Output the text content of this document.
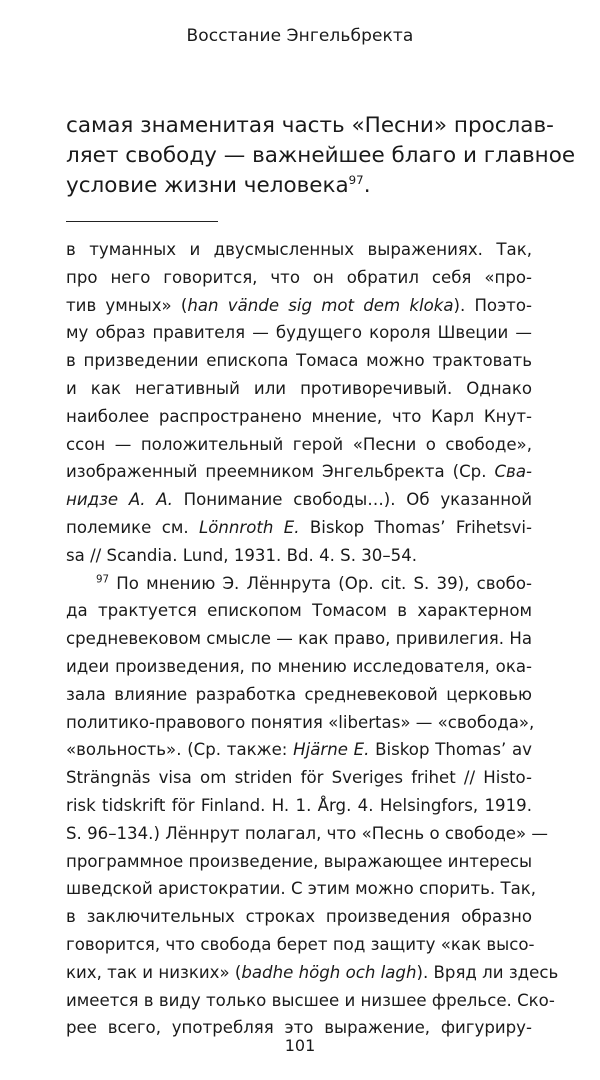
Восстание Энгельбректа
самая знаменитая часть «Песни» прослав-
ляет свободу — важнейшее благо и главное
условие жизни человека$^{97}$.
в туманных и двусмысленных выражениях. Так,
про него говорится, что он обратил себя «про-
тив умных» (han vände sig mot dem kloka). Поэто-
му образ правителя — будущего короля Швеции —
в призведении епископа Томаса можно трактовать
и как негативный или противоречивый. Однако
наиболее распространено мнение, что Карл Кнут-
ссон — положительный герой «Песни о свободе»,
изображенный преемником Энгельбректа (Ср. Сва-
нидзе А. А. Понимание свободы…). Об указанной
полемике см. Lönnroth E. Biskop Thomas’ Frihetsvi-
sa // Scandia. Lund, 1931. Bd. 4. S. 30–54.
$^{97}$ По мнению Э. Лённрута (Op. cit. S. 39), свобо-
да трактуется епископом Томасом в характерном
средневековом смысле — как право, привилегия. На
идеи произведения, по мнению исследователя, ока-
зала влияние разработка средневековой церковью
политико-правового понятия «libertas» — «свобода»,
«вольность». (Ср. также: Hjärne E. Biskop Thomas’ av
Strängnäs visa om striden för Sveriges frihet // Histo-
risk tidskrift för Finland. H. 1. Årg. 4. Helsingfors, 1919.
S. 96–134.) Лённрут полагал, что «Песнь о свободе» —
программное произведение, выражающее интересы
шведской аристократии. С этим можно спорить. Так,
в заключительных строках произведения образно
говорится, что свобода берет под защиту «как высо-
ких, так и низких» (badhe högh och lagh). Вряд ли здесь
имеется в виду только высшее и низшее фрельсе. Ско-
рее всего, употребляя это выражение, фигуриру-
101
